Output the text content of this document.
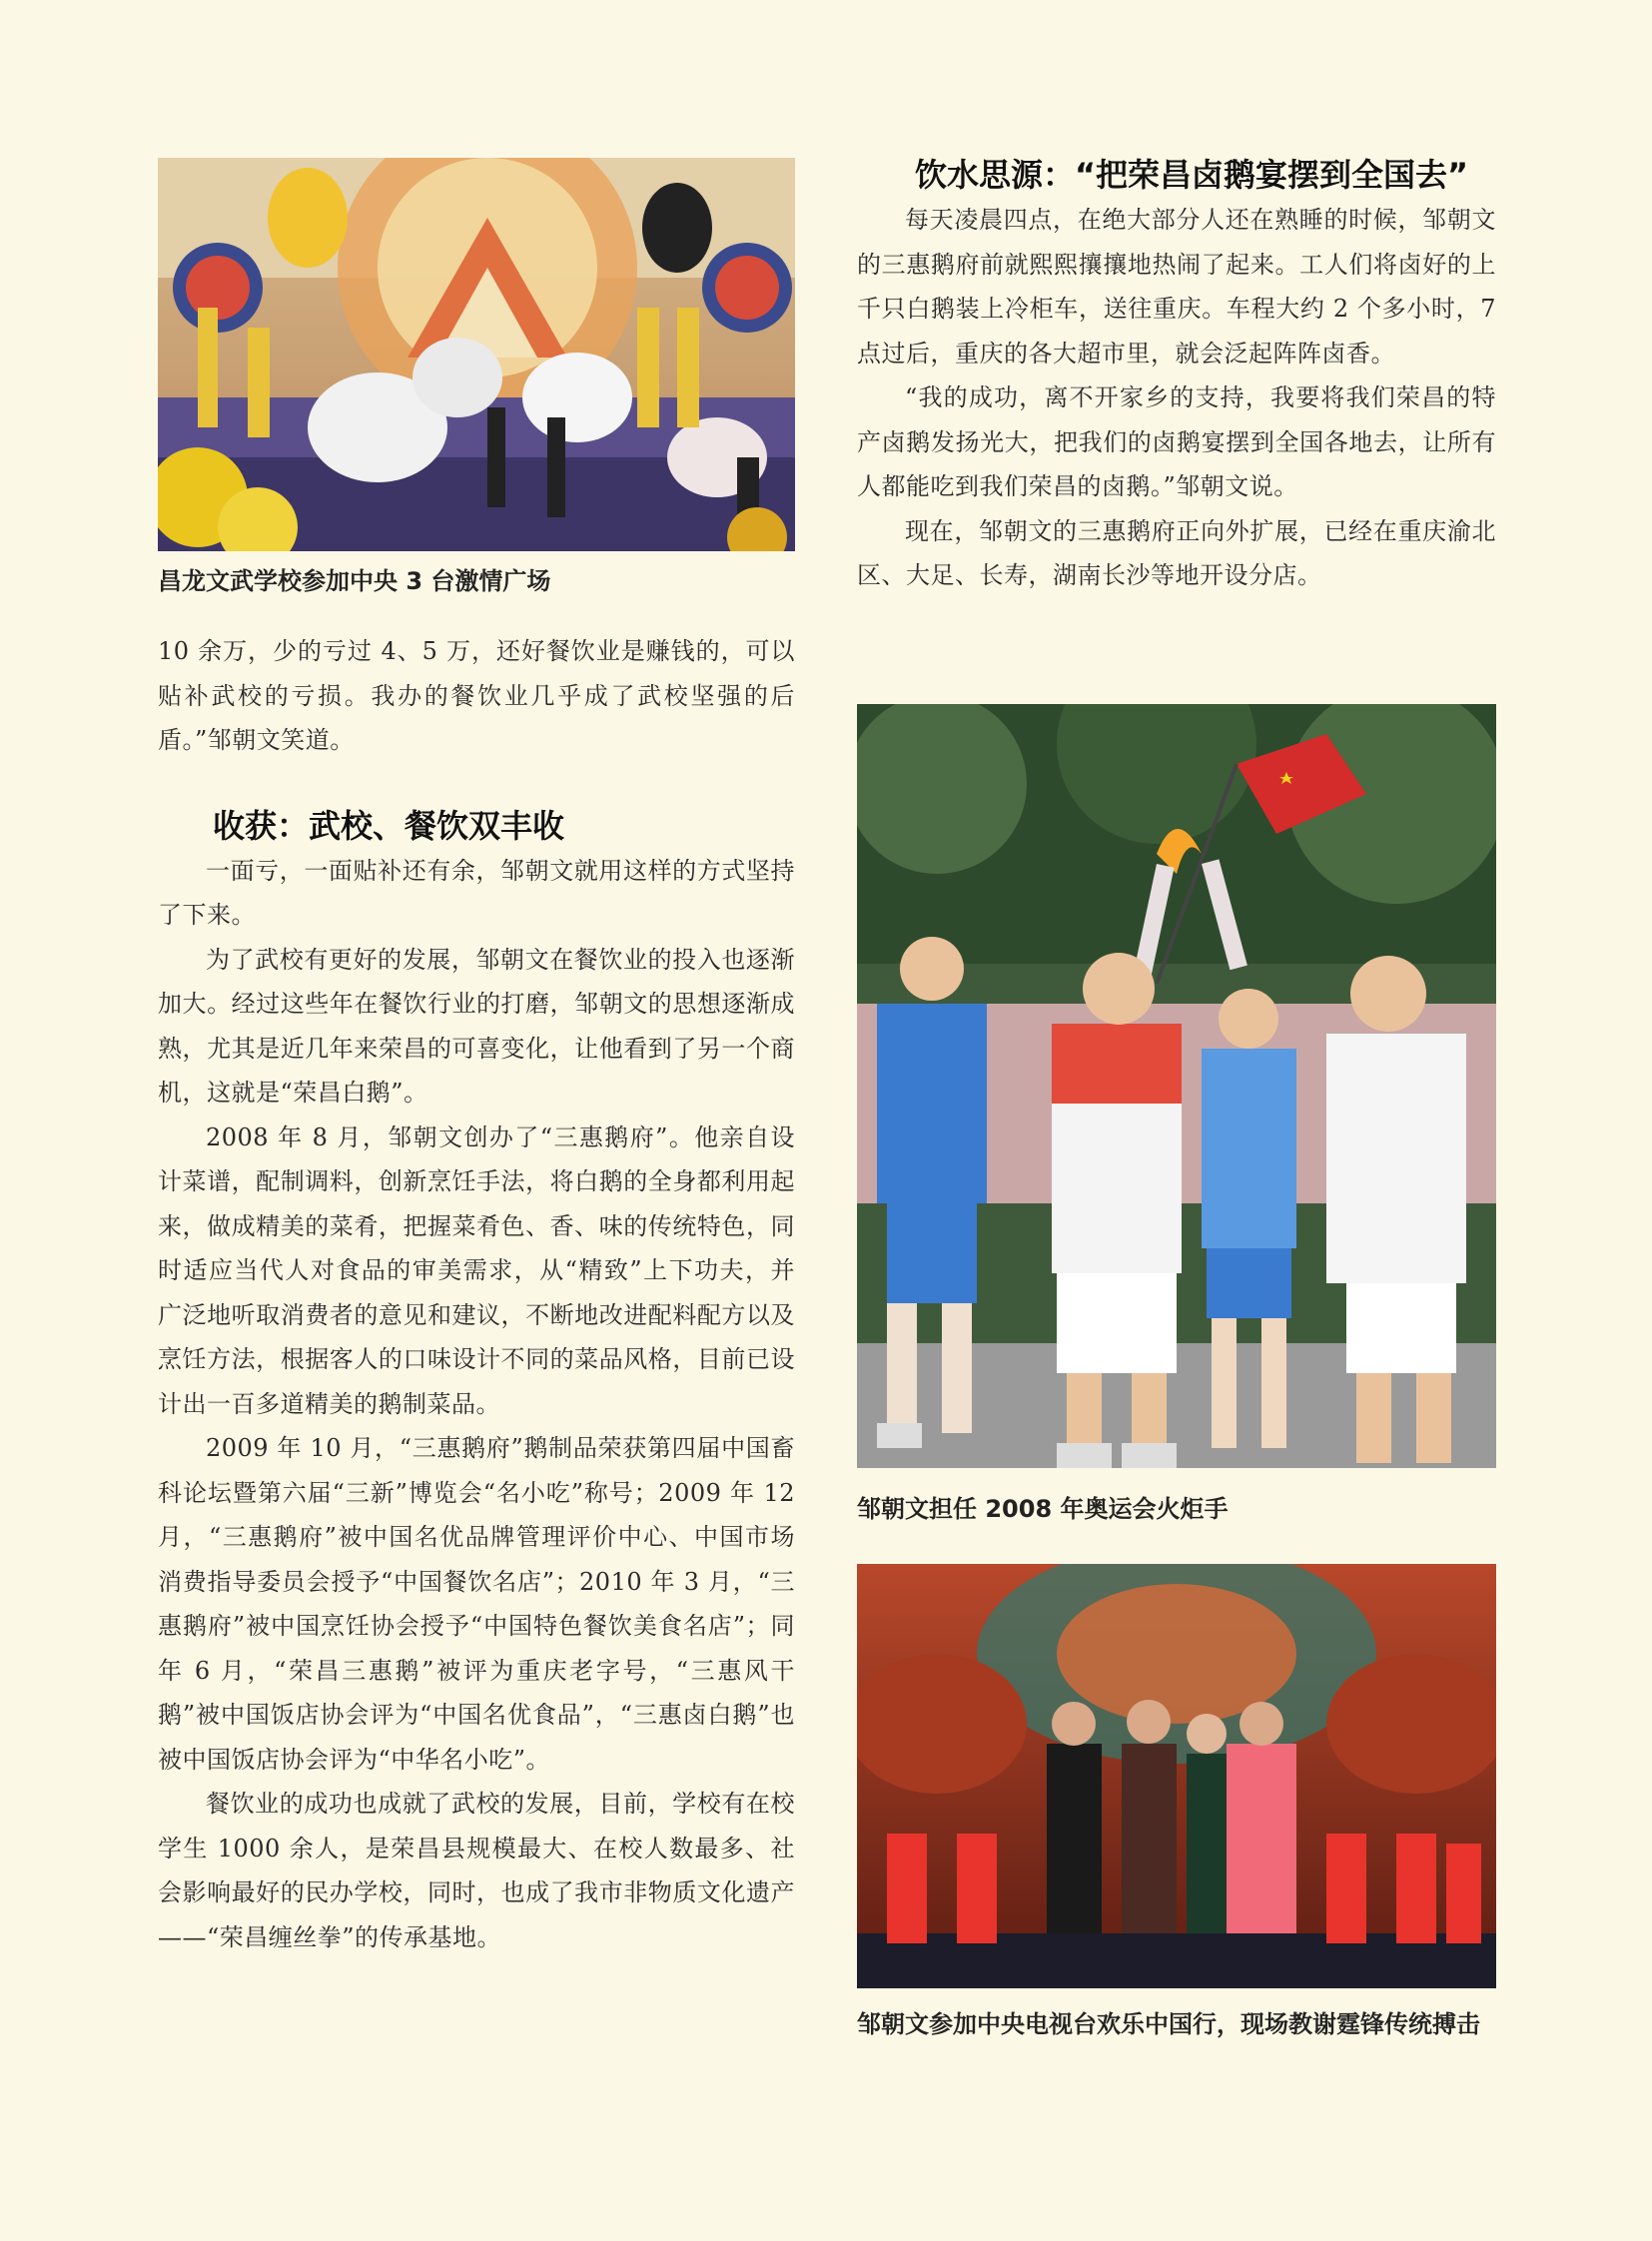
昌龙文武学校参加中央 3 台激情广场

10 余万，少的亏过 4、5 万，还好餐饮业是赚钱的，可以贴补武校的亏损。我办的餐饮业几乎成了武校坚强的后盾。”邹朝文笑道。

收获：武校、餐饮双丰收

一面亏，一面贴补还有余，邹朝文就用这样的方式坚持了下来。

为了武校有更好的发展，邹朝文在餐饮业的投入也逐渐加大。经过这些年在餐饮行业的打磨，邹朝文的思想逐渐成熟，尤其是近几年来荣昌的可喜变化，让他看到了另一个商机，这就是“荣昌白鹅”。

2008 年 8 月，邹朝文创办了“三惠鹅府”。他亲自设计菜谱，配制调料，创新烹饪手法，将白鹅的全身都利用起来，做成精美的菜肴，把握菜肴色、香、味的传统特色，同时适应当代人对食品的审美需求，从“精致”上下功夫，并广泛地听取消费者的意见和建议，不断地改进配料配方以及烹饪方法，根据客人的口味设计不同的菜品风格，目前已设计出一百多道精美的鹅制菜品。

2009 年 10 月，“三惠鹅府”鹅制品荣获第四届中国畜科论坛暨第六届“三新”博览会“名小吃”称号；2009 年 12 月，“三惠鹅府”被中国名优品牌管理评价中心、中国市场消费指导委员会授予“中国餐饮名店”；2010 年 3 月，“三惠鹅府”被中国烹饪协会授予“中国特色餐饮美食名店”；同年 6 月，“荣昌三惠鹅”被评为重庆老字号，“三惠风干鹅”被中国饭店协会评为“中国名优食品”，“三惠卤白鹅”也被中国饭店协会评为“中华名小吃”。

餐饮业的成功也成就了武校的发展，目前，学校有在校学生 1000 余人，是荣昌县规模最大、在校人数最多、社会影响最好的民办学校，同时，也成了我市非物质文化遗产——“荣昌缠丝拳”的传承基地。

饮水思源：“把荣昌卤鹅宴摆到全国去”

每天凌晨四点，在绝大部分人还在熟睡的时候，邹朝文的三惠鹅府前就熙熙攘攘地热闹了起来。工人们将卤好的上千只白鹅装上冷柜车，送往重庆。车程大约 2 个多小时，7 点过后，重庆的各大超市里，就会泛起阵阵卤香。

“我的成功，离不开家乡的支持，我要将我们荣昌的特产卤鹅发扬光大，把我们的卤鹅宴摆到全国各地去，让所有人都能吃到我们荣昌的卤鹅。”邹朝文说。

现在，邹朝文的三惠鹅府正向外扩展，已经在重庆渝北区、大足、长寿，湖南长沙等地开设分店。

邹朝文担任 2008 年奥运会火炬手
邹朝文参加中央电视台欢乐中国行，现场教谢霆锋传统搏击
